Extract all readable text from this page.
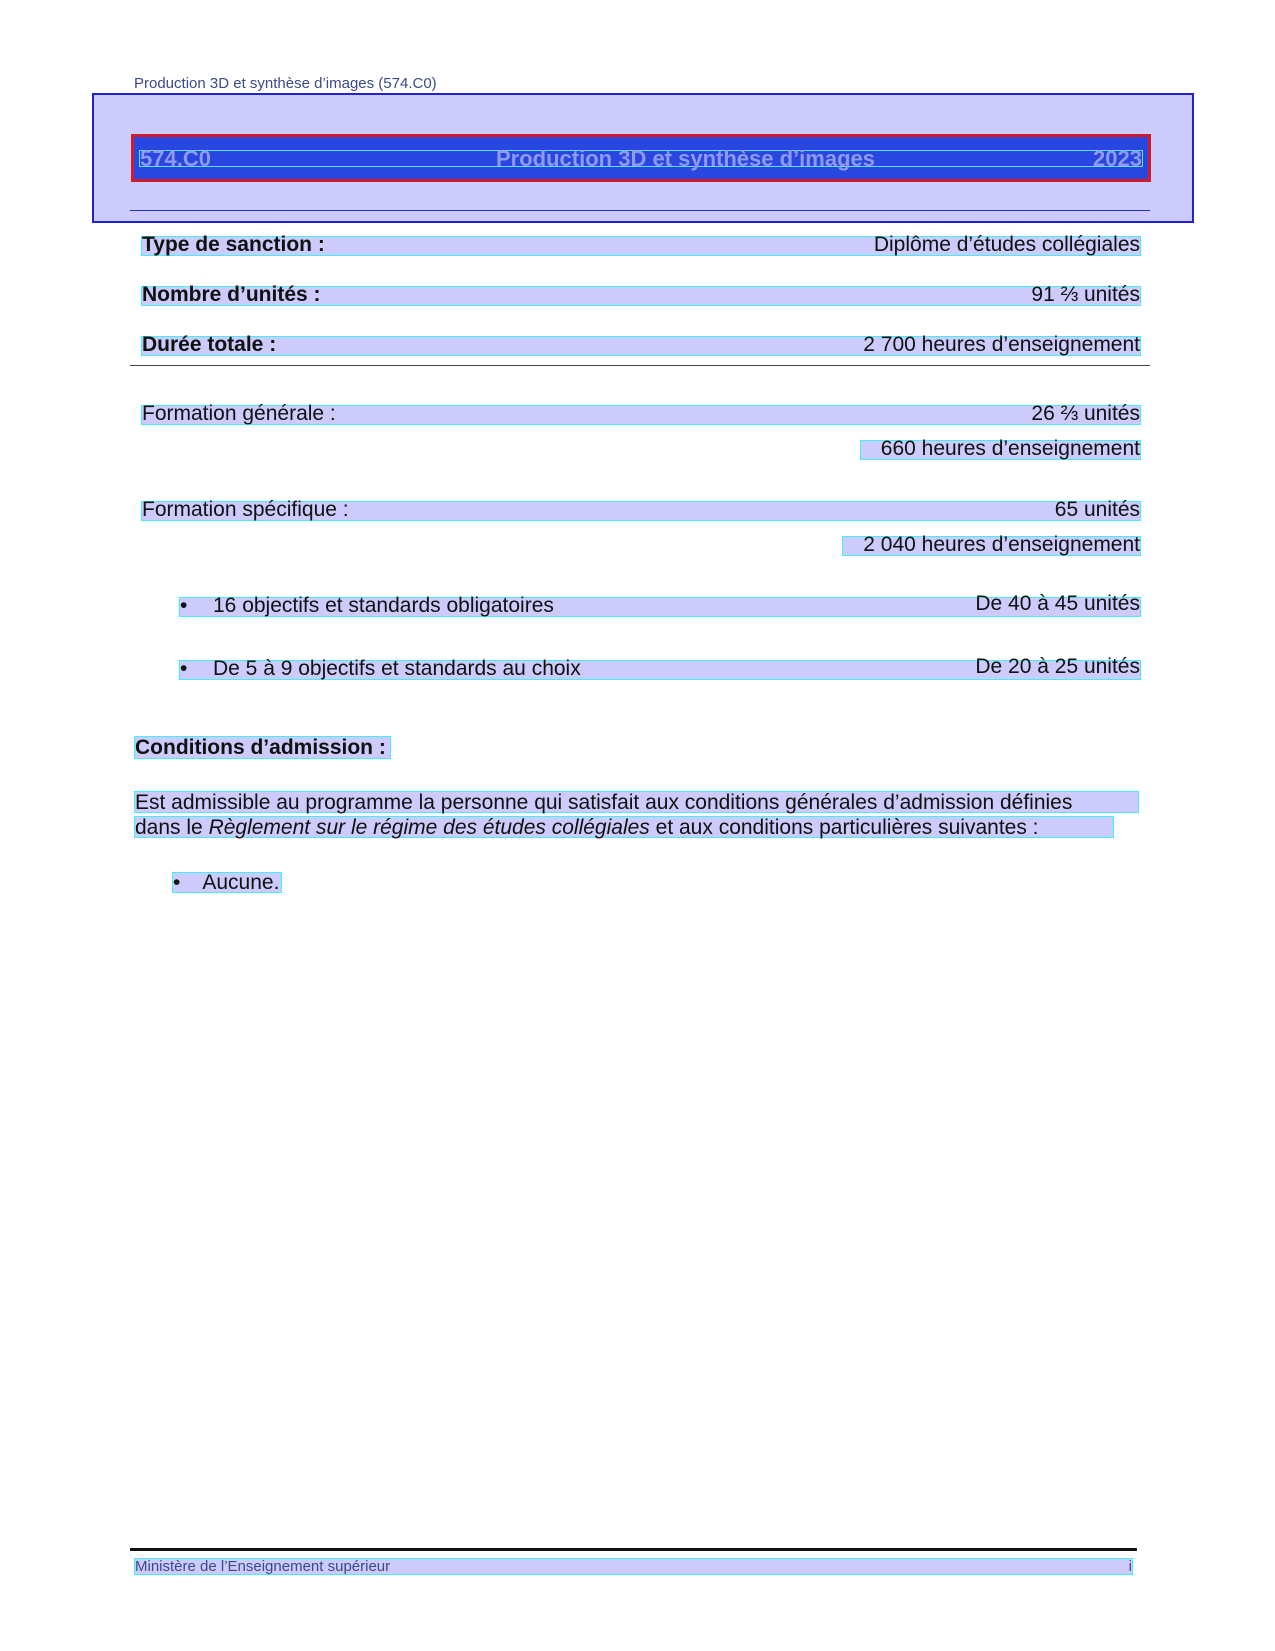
Production 3D et synthèse d’images (574.C0)
574.C0	Production 3D et synthèse d’images	2023
Type de sanction :	Diplôme d’études collégiales
Nombre d’unités :	91 ⅔ unités
Durée totale :	2 700 heures d’enseignement
Formation générale :	26 ⅔ unités
660 heures d’enseignement
Formation spécifique :	65 unités
2 040 heures d’enseignement
• 16 objectifs et standards obligatoires	De 40 à 45 unités
• De 5 à 9 objectifs et standards au choix	De 20 à 25 unités
Conditions d’admission :
Est admissible au programme la personne qui satisfait aux conditions générales d’admission définies
dans le Règlement sur le régime des études collégiales et aux conditions particulières suivantes :
• Aucune.
Ministère de l’Enseignement supérieur	i
